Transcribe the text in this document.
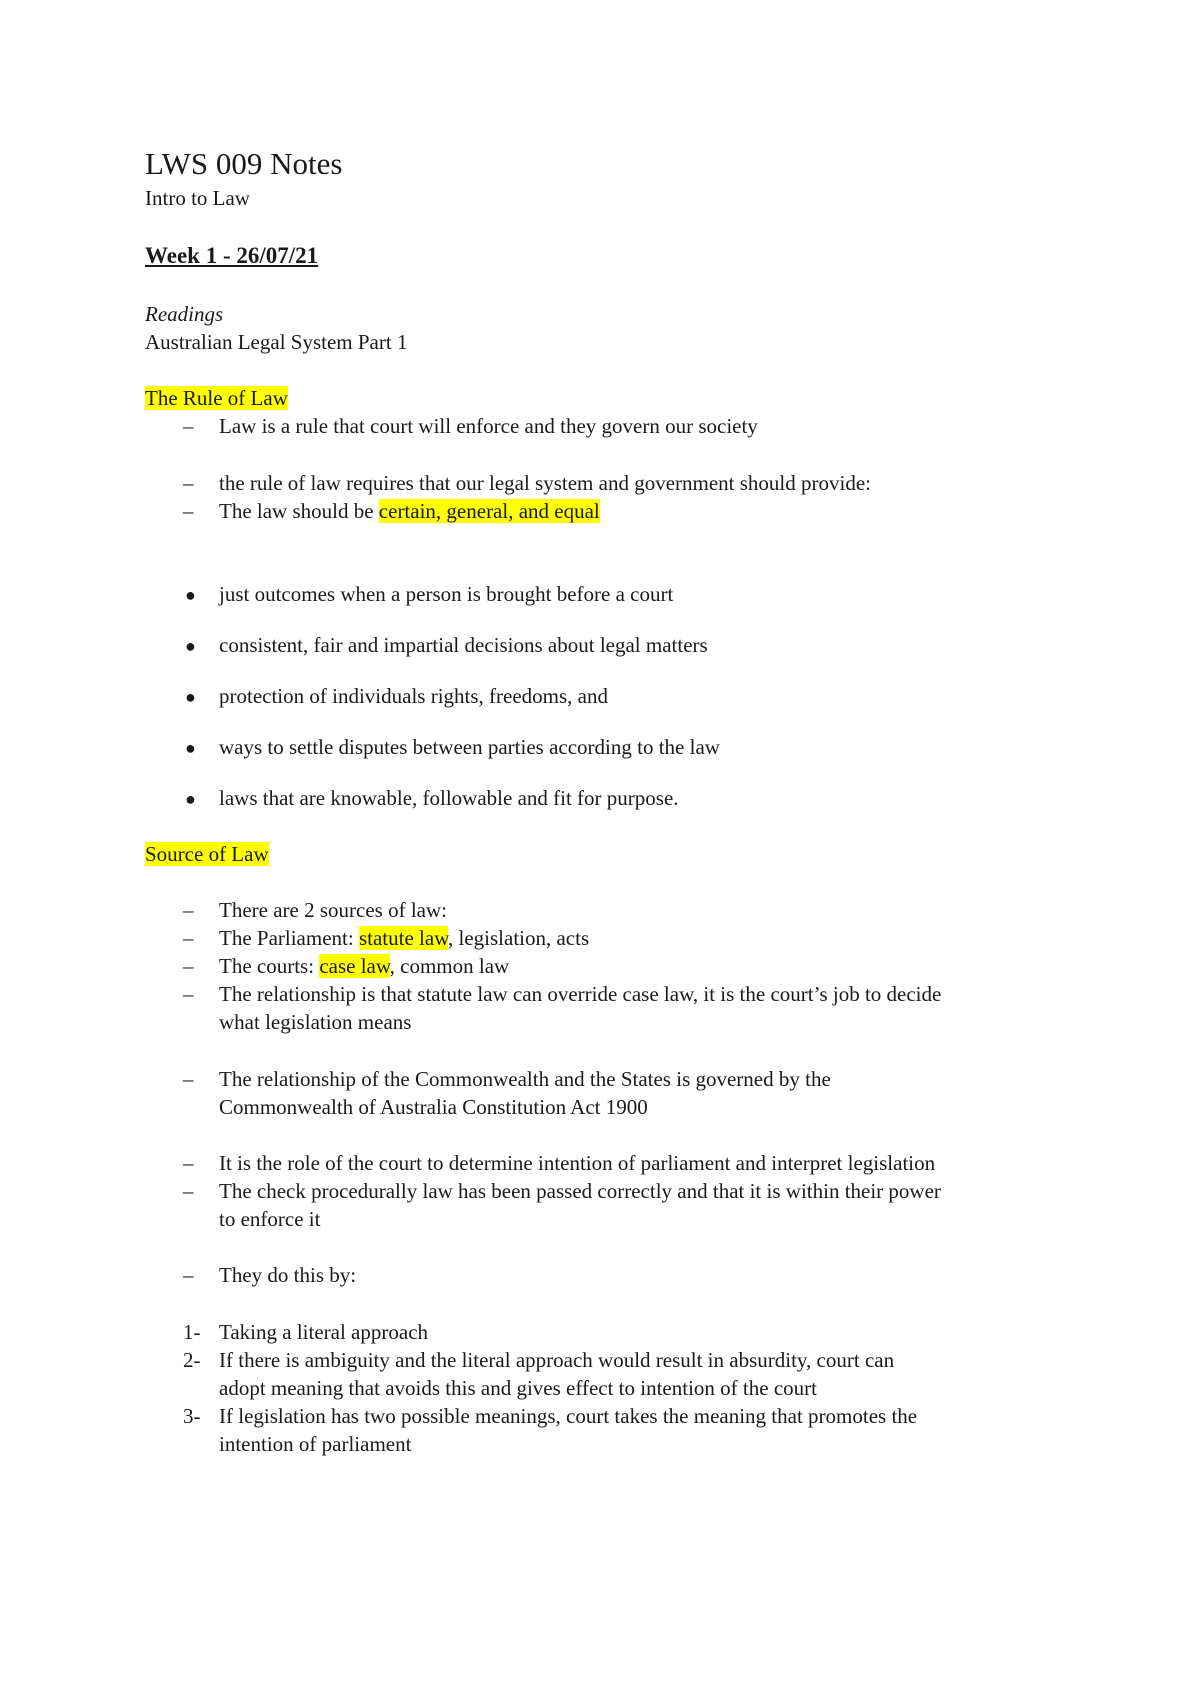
LWS 009 Notes
Intro to Law
Week 1 - 26/07/21
Readings
Australian Legal System Part 1
The Rule of Law
– Law is a rule that court will enforce and they govern our society
– the rule of law requires that our legal system and government should provide:
– The law should be certain, general, and equal
● just outcomes when a person is brought before a court
● consistent, fair and impartial decisions about legal matters
● protection of individuals rights, freedoms, and
● ways to settle disputes between parties according to the law
● laws that are knowable, followable and fit for purpose.
Source of Law
– There are 2 sources of law:
– The Parliament: statute law, legislation, acts
– The courts: case law, common law
– The relationship is that statute law can override case law, it is the court’s job to decide
what legislation means
– The relationship of the Commonwealth and the States is governed by the
Commonwealth of Australia Constitution Act 1900
– It is the role of the court to determine intention of parliament and interpret legislation
– The check procedurally law has been passed correctly and that it is within their power
to enforce it
– They do this by:
1- Taking a literal approach
2- If there is ambiguity and the literal approach would result in absurdity, court can
adopt meaning that avoids this and gives effect to intention of the court
3- If legislation has two possible meanings, court takes the meaning that promotes the
intention of parliament
